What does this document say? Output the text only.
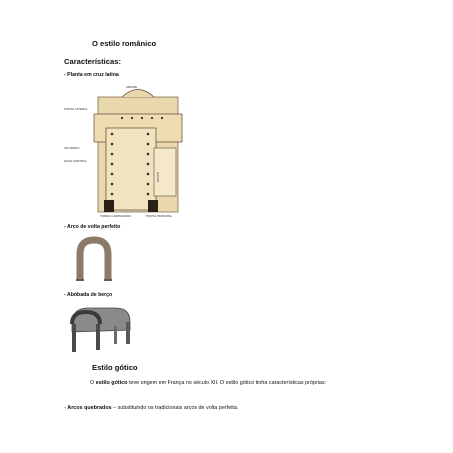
O estilo românico
Características:
- Planta em cruz latina
ABSIDE
PORTA LATERAL
CRUZEIRO
NAVE CENTRAL
TORRE CAMPANÁRIO	PORTA PRINCIPAL
GAFRE
- Arco de volta perfeito
- Abóbada de berço
Estilo gótico
O estilo gótico teve origem em França no século XII. O estilo gótico tinha características próprias:
- Arcos quebrados – substituindo os tradicionais arcos de volta perfeita.
